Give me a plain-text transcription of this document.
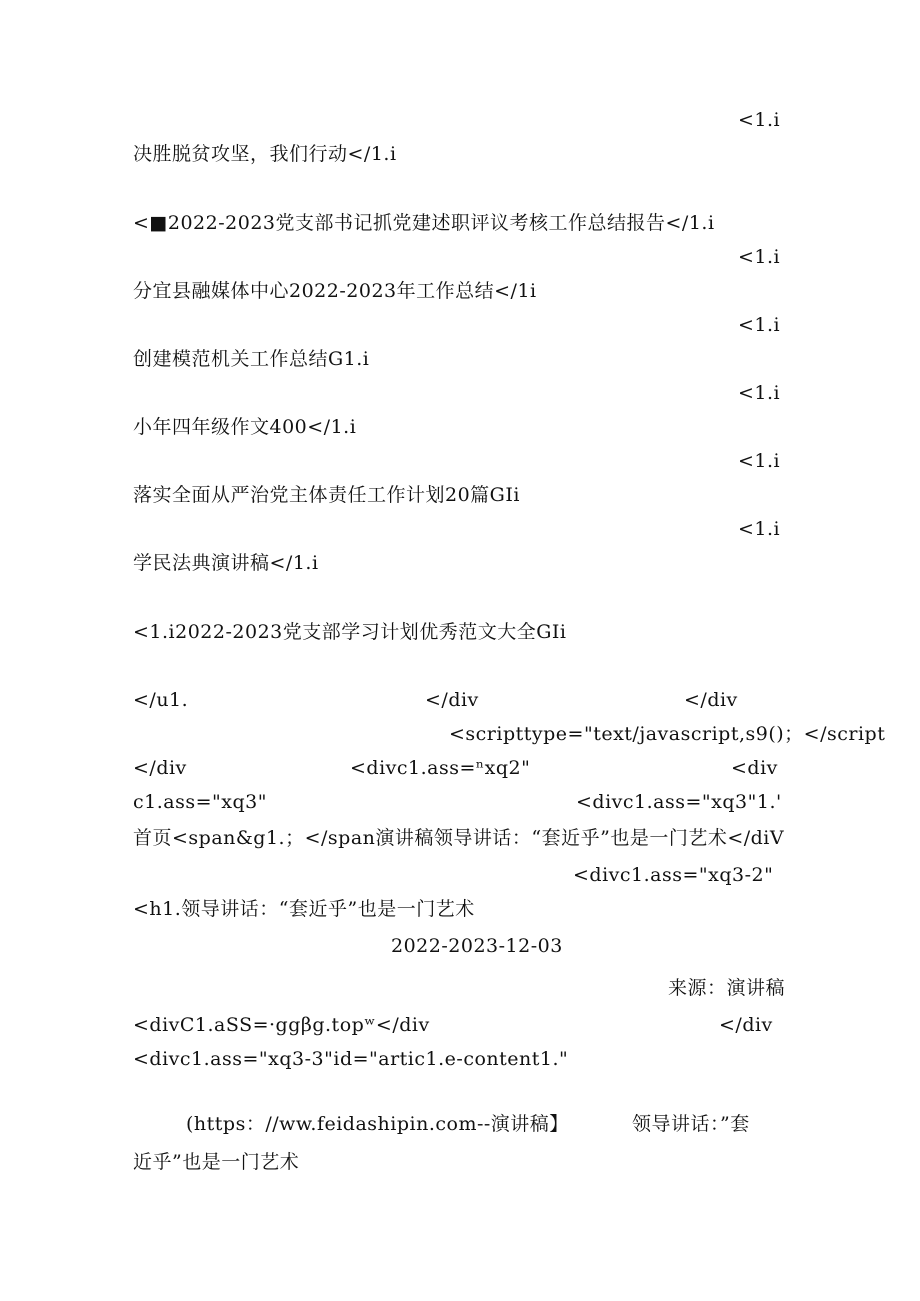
<1.i
决胜脱贫攻坚，我们行动</1.i
<■2022-2023党支部书记抓党建述职评议考核工作总结报告</1.i
<1.i
分宜县融媒体中心2022-2023年工作总结</1i
<1.i
创建模范机关工作总结G1.i
<1.i
小年四年级作文400</1.i
<1.i
落实全面从严治党主体责任工作计划20篇GIi
<1.i
学民法典演讲稿</1.i
<1.i2022-2023党支部学习计划优秀范文大全GIi
</u1.	</div	</div
<scripttype="text/javascript,s9()；</script
</div	<divc1.ass=ⁿxq2"	<div
c1.ass="xq3"	<divc1.ass="xq3"1.'
首页<span&g1.；</span演讲稿领导讲话：“套近乎”也是一门艺术</diV
<divc1.ass="xq3-2"
<h1.领导讲话：“套近乎”也是一门艺术
2022-2023-12-03
来源：演讲稿
<divC1.aSS=·ggβg.topʷ</div	</div
<divc1.ass="xq3-3"id="artic1.e-content1."
(https：//ww.feidashipin.com--演讲稿】	领导讲话：”套
近乎”也是一门艺术
